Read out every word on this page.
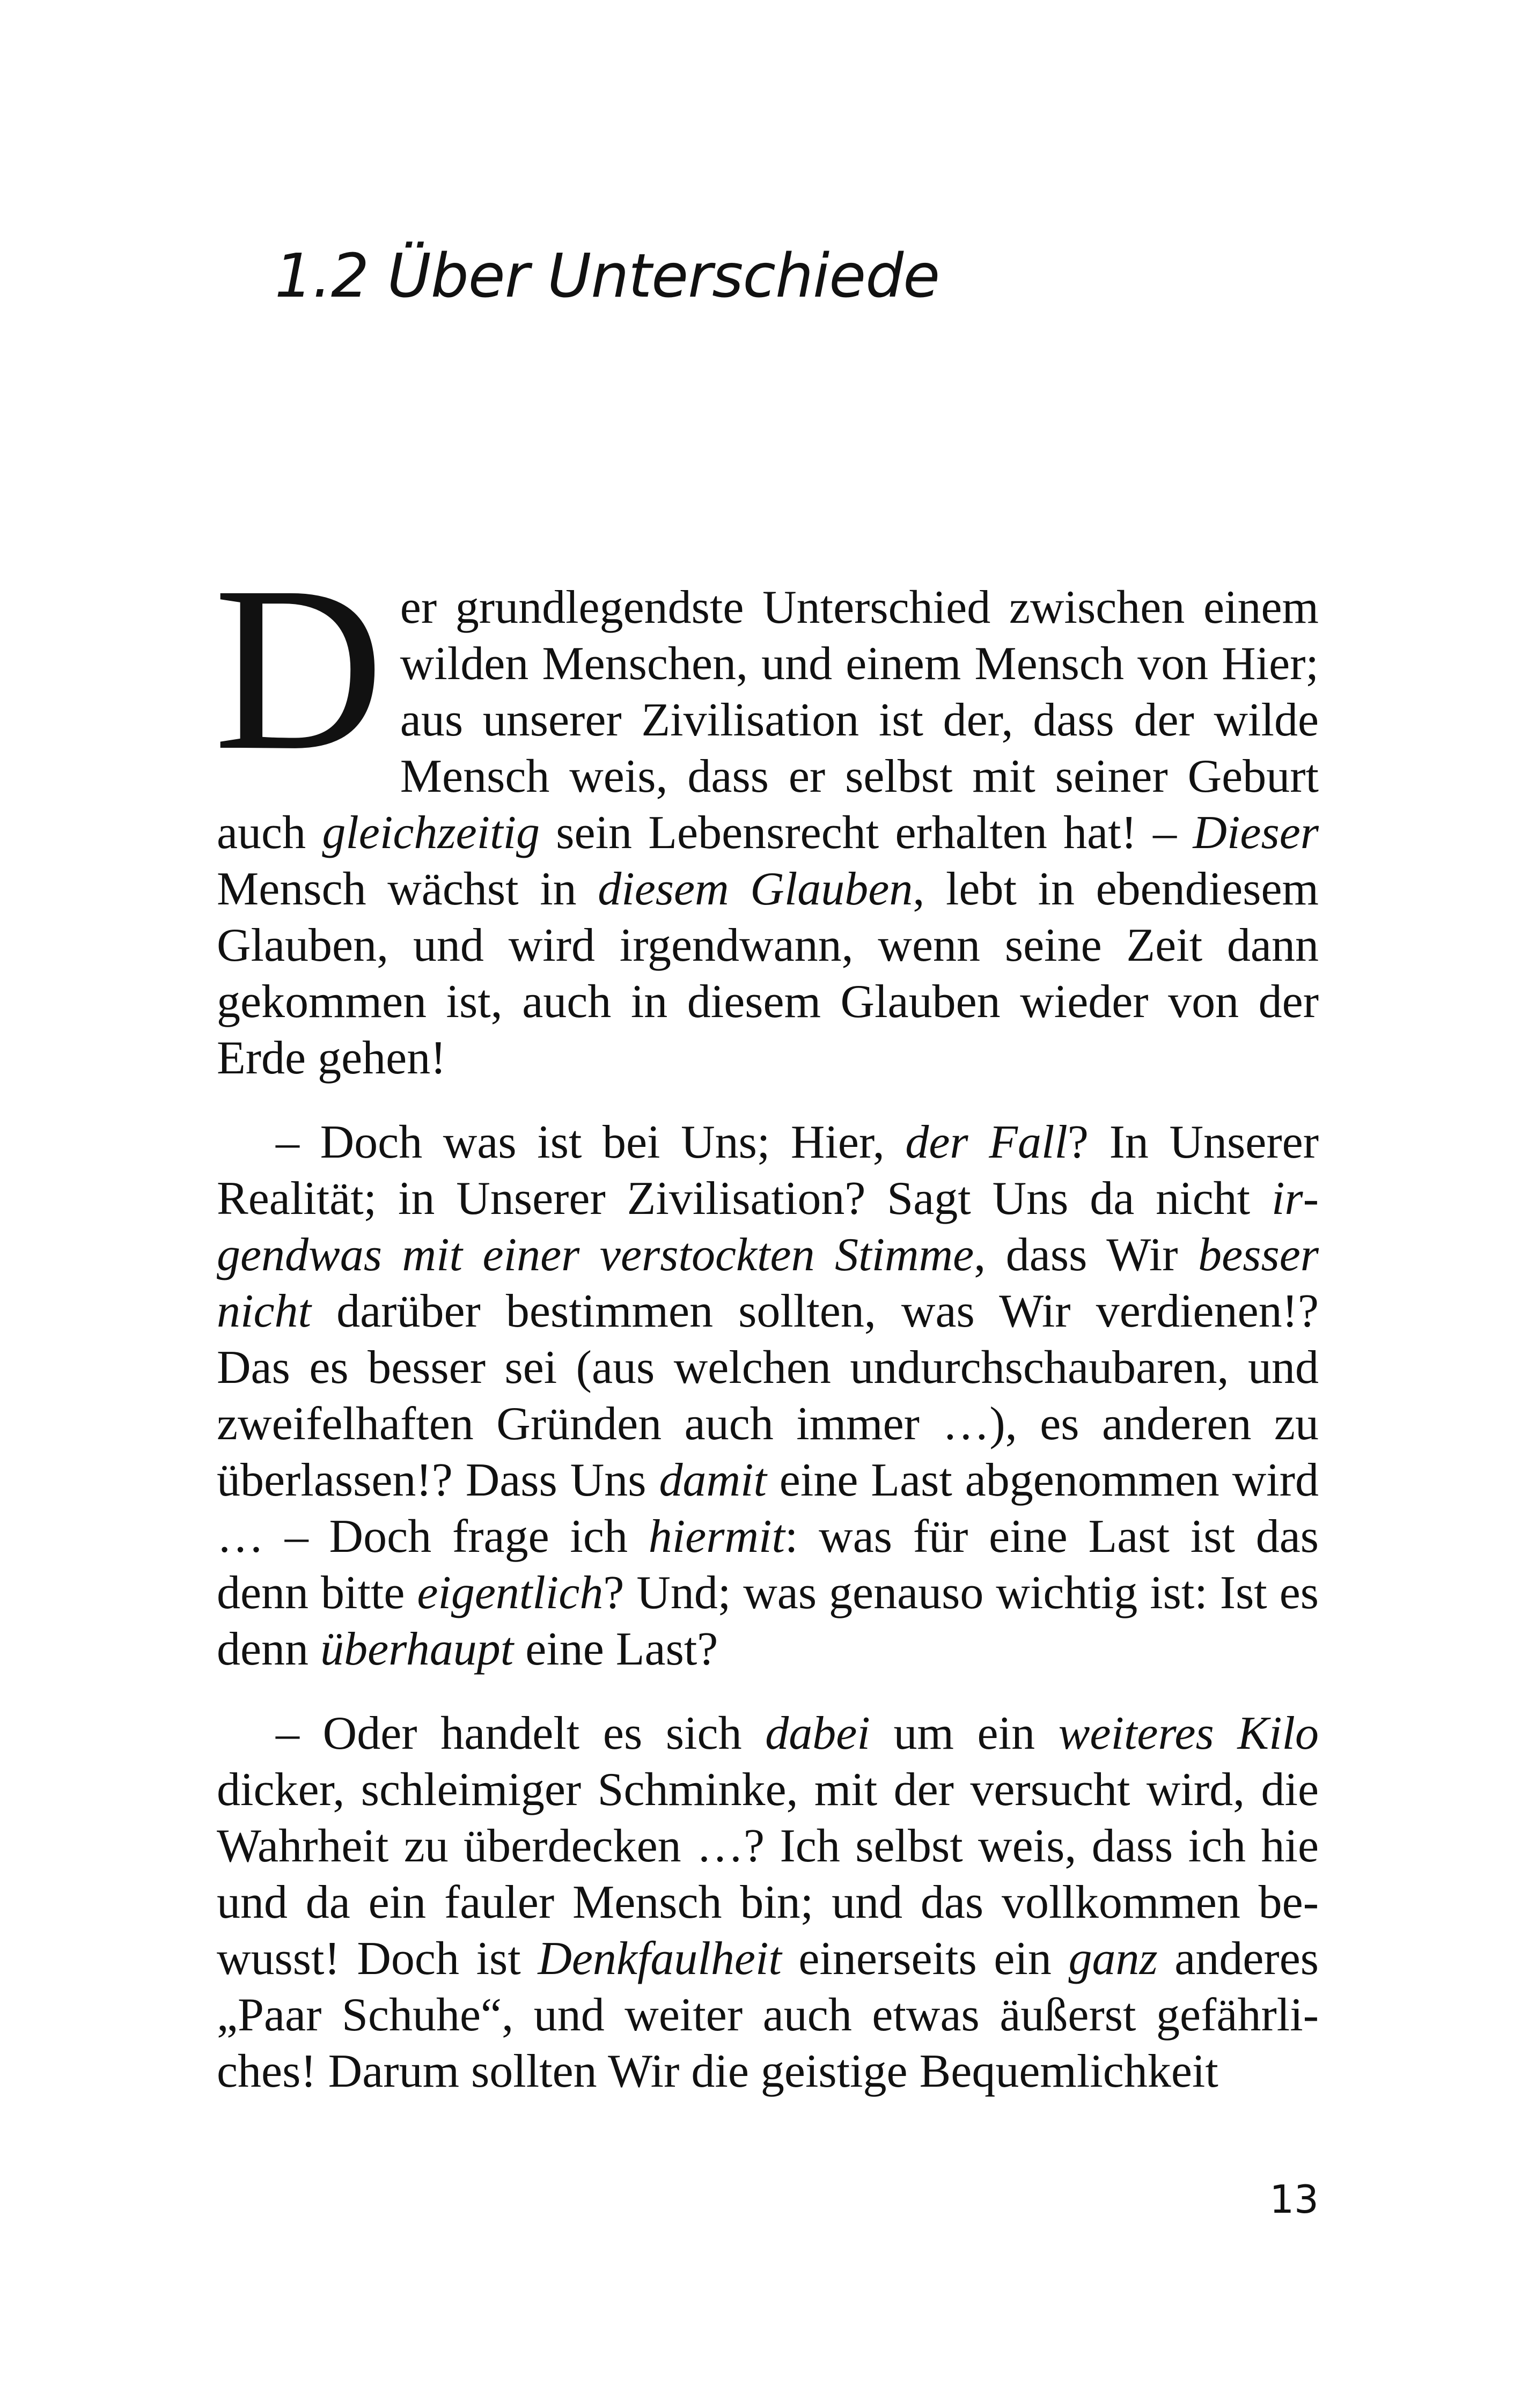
1.2 Über Unterschiede

Der grundlegendste Unterschied zwischen einem wilden Menschen, und einem Mensch von Hier; aus unserer Zivilisation ist der, dass der wilde Mensch weis, dass er selbst mit seiner Geburt auch gleichzeitig sein Lebensrecht erhalten hat! – Dieser Mensch wächst in diesem Glauben, lebt in ebendiesem Glauben, und wird irgendwann, wenn seine Zeit dann gekommen ist, auch in diesem Glauben wieder von der Erde gehen!

– Doch was ist bei Uns; Hier, der Fall? In Unserer Realität; in Unserer Zivilisation? Sagt Uns da nicht irgendwas mit einer verstockten Stimme, dass Wir besser nicht darüber bestimmen sollten, was Wir verdienen!? Das es besser sei (aus welchen undurchschaubaren, und zweifelhaften Gründen auch immer …), es anderen zu überlassen!? Dass Uns damit eine Last abgenommen wird … – Doch frage ich hiermit: was für eine Last ist das denn bitte eigentlich? Und; was genauso wichtig ist: Ist es denn überhaupt eine Last?

– Oder handelt es sich dabei um ein weiteres Kilo dicker, schleimiger Schminke, mit der versucht wird, die Wahrheit zu überdecken …? Ich selbst weis, dass ich hie und da ein fauler Mensch bin; und das vollkommen bewusst! Doch ist Denkfaulheit einerseits ein ganz anderes „Paar Schuhe“, und weiter auch etwas äußerst gefährliches! Darum sollten Wir die geistige Bequemlichkeit

13
